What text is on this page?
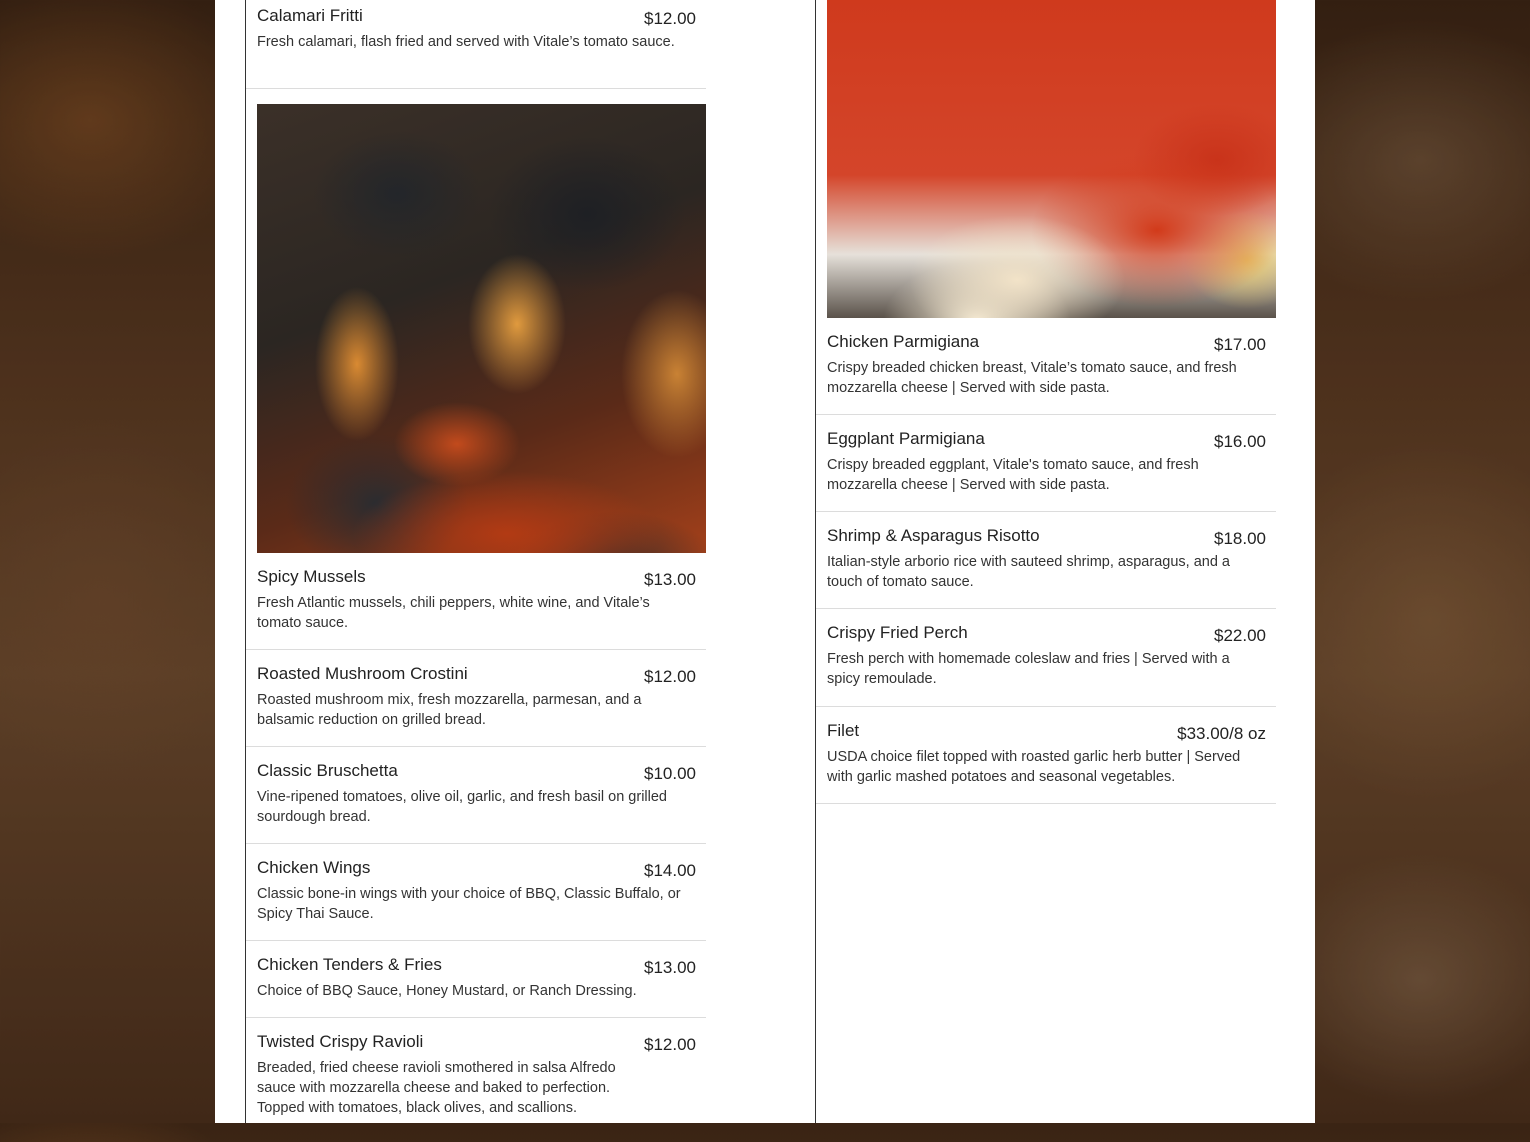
Calamari Fritti	$12.00
Fresh calamari, flash fried and served with Vitale’s tomato sauce.
Spicy Mussels	$13.00
Fresh Atlantic mussels, chili peppers, white wine, and Vitale’s tomato sauce.
Roasted Mushroom Crostini	$12.00
Roasted mushroom mix, fresh mozzarella, parmesan, and a balsamic reduction on grilled bread.
Classic Bruschetta	$10.00
Vine-ripened tomatoes, olive oil, garlic, and fresh basil on grilled sourdough bread.
Chicken Wings	$14.00
Classic bone-in wings with your choice of BBQ, Classic Buffalo, or Spicy Thai Sauce.
Chicken Tenders & Fries	$13.00
Choice of BBQ Sauce, Honey Mustard, or Ranch Dressing.
Twisted Crispy Ravioli	$12.00
Breaded, fried cheese ravioli smothered in salsa Alfredo sauce with mozzarella cheese and baked to perfection. Topped with tomatoes, black olives, and scallions.
Chicken Parmigiana	$17.00
Crispy breaded chicken breast, Vitale’s tomato sauce, and fresh mozzarella cheese | Served with side pasta.
Eggplant Parmigiana	$16.00
Crispy breaded eggplant, Vitale's tomato sauce, and fresh mozzarella cheese | Served with side pasta.
Shrimp & Asparagus Risotto	$18.00
Italian-style arborio rice with sauteed shrimp, asparagus, and a touch of tomato sauce.
Crispy Fried Perch	$22.00
Fresh perch with homemade coleslaw and fries | Served with a spicy remoulade.
Filet	$33.00/8 oz
USDA choice filet topped with roasted garlic herb butter | Served with garlic mashed potatoes and seasonal vegetables.
